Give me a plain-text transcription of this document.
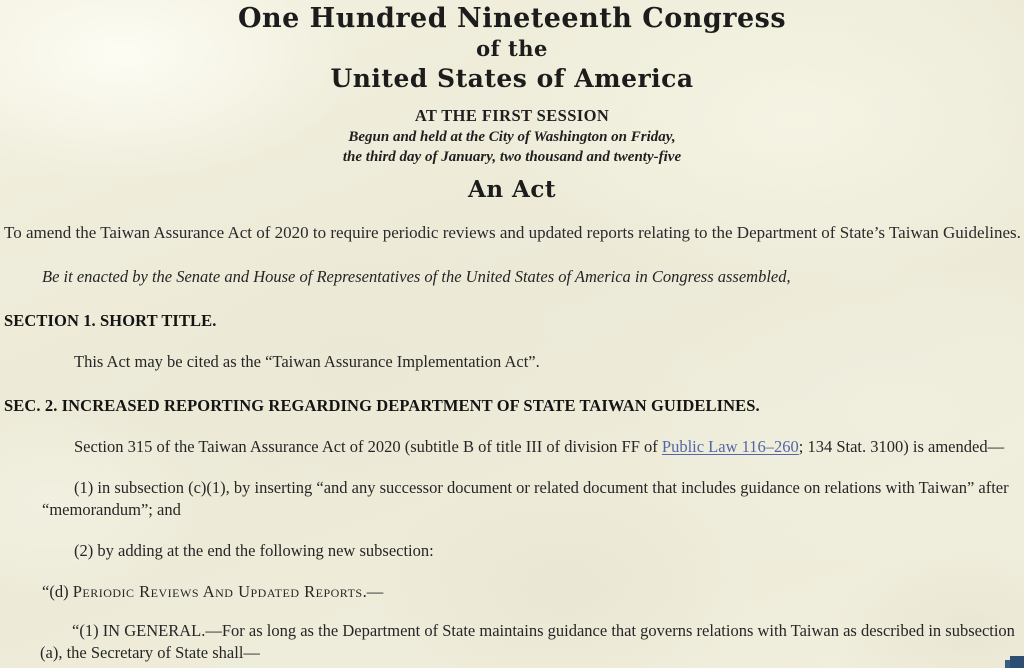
One Hundred Nineteenth Congress
of the
United States of America
AT THE FIRST SESSION
Begun and held at the City of Washington on Friday,
the third day of January, two thousand and twenty-five
An Act
To amend the Taiwan Assurance Act of 2020 to require periodic reviews and updated reports relating to the Department of State’s Taiwan Guidelines.
Be it enacted by the Senate and House of Representatives of the United States of America in Congress assembled,
SECTION 1. SHORT TITLE.
This Act may be cited as the “Taiwan Assurance Implementation Act”.
SEC. 2. INCREASED REPORTING REGARDING DEPARTMENT OF STATE TAIWAN GUIDELINES.
Section 315 of the Taiwan Assurance Act of 2020 (subtitle B of title III of division FF of Public Law 116–260; 134 Stat. 3100) is amended—
(1) in subsection (c)(1), by inserting “and any successor document or related document that includes guidance on relations with Taiwan” after “memorandum”; and
(2) by adding at the end the following new subsection:
“(d) Periodic Reviews And Updated Reports.—
“(1) IN GENERAL.—For as long as the Department of State maintains guidance that governs relations with Taiwan as described in subsection (a), the Secretary of State shall—
